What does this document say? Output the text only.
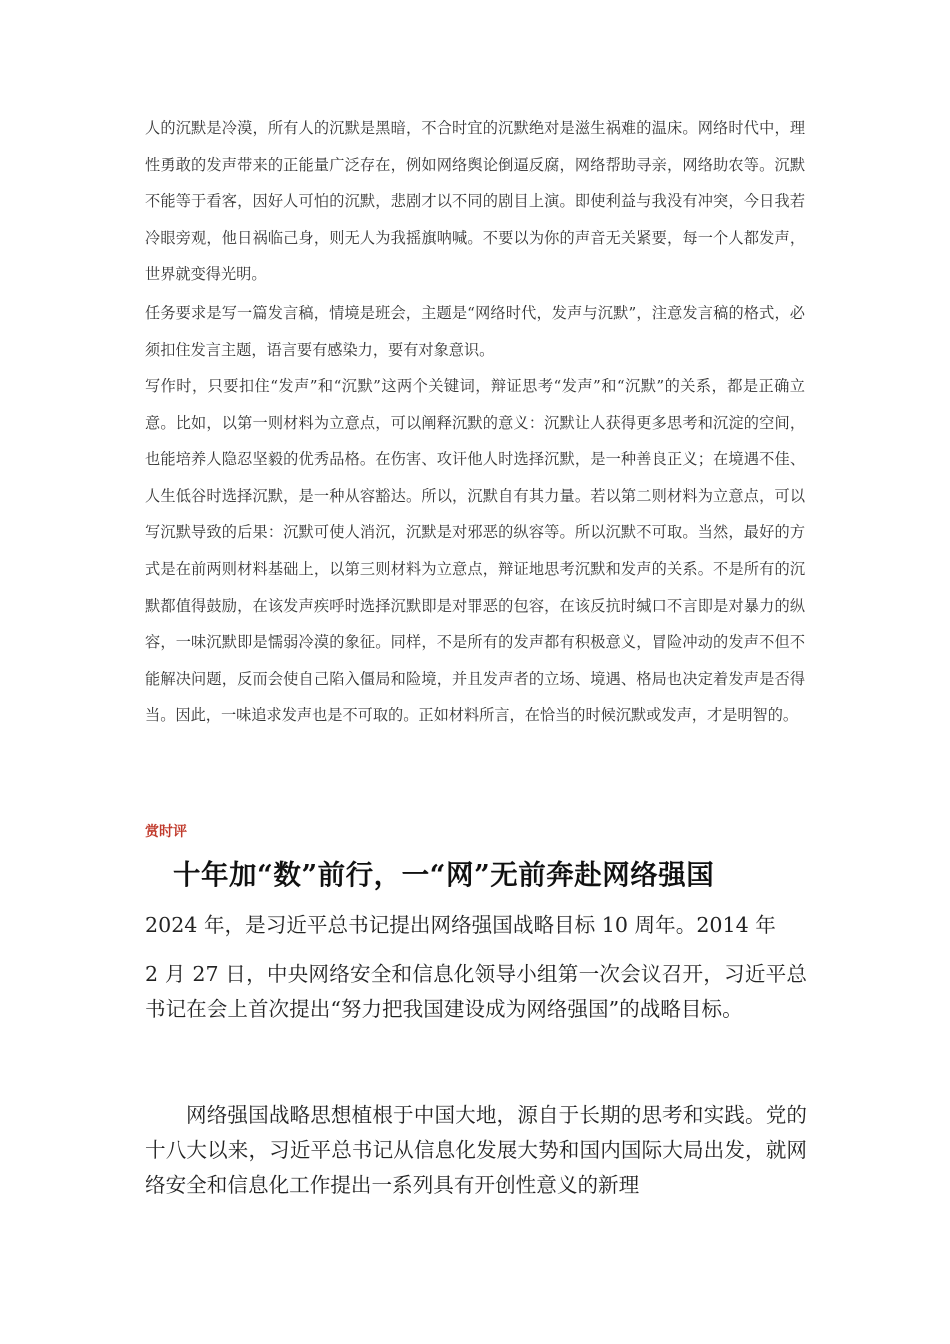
人的沉默是冷漠，所有人的沉默是黑暗，不合时宜的沉默绝对是滋生祸难的温床。网络时代中，理性勇敢的发声带来的正能量广泛存在，例如网络舆论倒逼反腐，网络帮助寻亲，网络助农等。沉默不能等于看客，因好人可怕的沉默，悲剧才以不同的剧目上演。即使利益与我没有冲突，今日我若冷眼旁观，他日祸临己身，则无人为我摇旗呐喊。不要以为你的声音无关紧要，每一个人都发声，世界就变得光明。

任务要求是写一篇发言稿，情境是班会，主题是“网络时代，发声与沉默”，注意发言稿的格式，必须扣住发言主题，语言要有感染力，要有对象意识。

写作时，只要扣住“发声”和“沉默”这两个关键词，辩证思考“发声”和“沉默”的关系，都是正确立意。比如，以第一则材料为立意点，可以阐释沉默的意义：沉默让人获得更多思考和沉淀的空间，也能培养人隐忍坚毅的优秀品格。在伤害、攻讦他人时选择沉默，是一种善良正义；在境遇不佳、人生低谷时选择沉默，是一种从容豁达。所以，沉默自有其力量。若以第二则材料为立意点，可以写沉默导致的后果：沉默可使人消沉，沉默是对邪恶的纵容等。所以沉默不可取。当然，最好的方式是在前两则材料基础上，以第三则材料为立意点，辩证地思考沉默和发声的关系。不是所有的沉默都值得鼓励，在该发声疾呼时选择沉默即是对罪恶的包容，在该反抗时缄口不言即是对暴力的纵容，一味沉默即是懦弱冷漠的象征。同样，不是所有的发声都有积极意义，冒险冲动的发声不但不能解决问题，反而会使自己陷入僵局和险境，并且发声者的立场、境遇、格局也决定着发声是否得当。因此，一味追求发声也是不可取的。正如材料所言，在恰当的时候沉默或发声，才是明智的。

赏时评

十年加“数”前行，一“网”无前奔赴网络强国

2024 年，是习近平总书记提出网络强国战略目标 10 周年。2014 年
2 月 27 日，中央网络安全和信息化领导小组第一次会议召开，习近平总书记在会上首次提出“努力把我国建设成为网络强国”的战略目标。

网络强国战略思想植根于中国大地，源自于长期的思考和实践。党的十八大以来，习近平总书记从信息化发展大势和国内国际大局出发，就网络安全和信息化工作提出一系列具有开创性意义的新理
